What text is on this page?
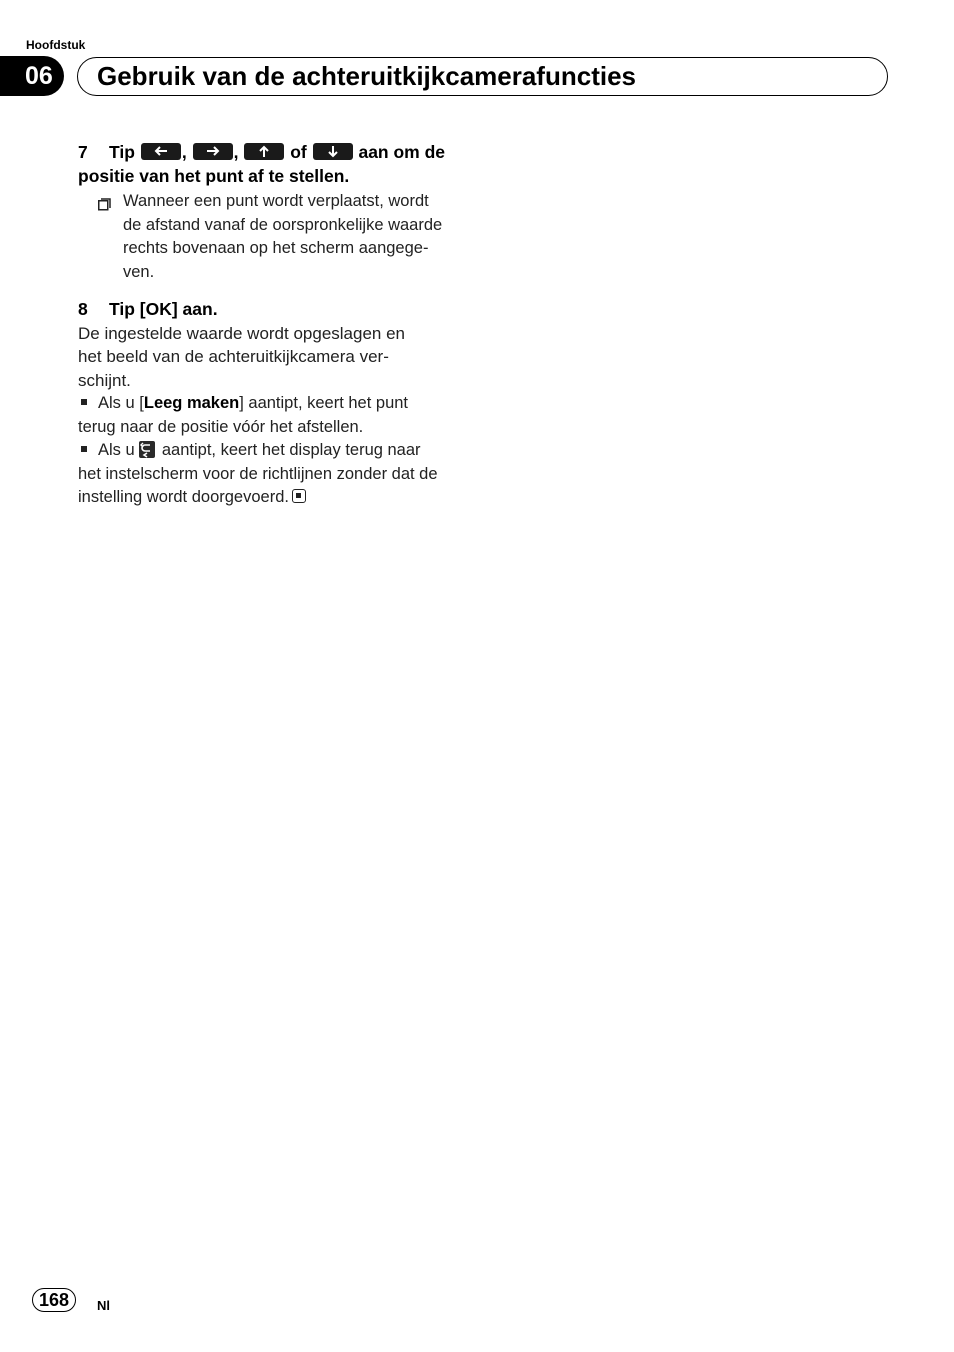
Hoofdstuk
06	Gebruik van de achteruitkijkcamerafuncties
7 Tip	,	,	of	aan om de
positie van het punt af te stellen.
Wanneer een punt wordt verplaatst, wordt
de afstand vanaf de oorspronkelijke waarde
rechts bovenaan op het scherm aangege-
ven.
8 Tip [OK] aan.
De ingestelde waarde wordt opgeslagen en
het beeld van de achteruitkijkcamera ver-
schijnt.
Als u [Leeg maken] aantipt, keert het punt
terug naar de positie vóór het afstellen.
Als u aantipt, keert het display terug naar
het instelscherm voor de richtlijnen zonder dat de
instelling wordt doorgevoerd.
168	Nl
